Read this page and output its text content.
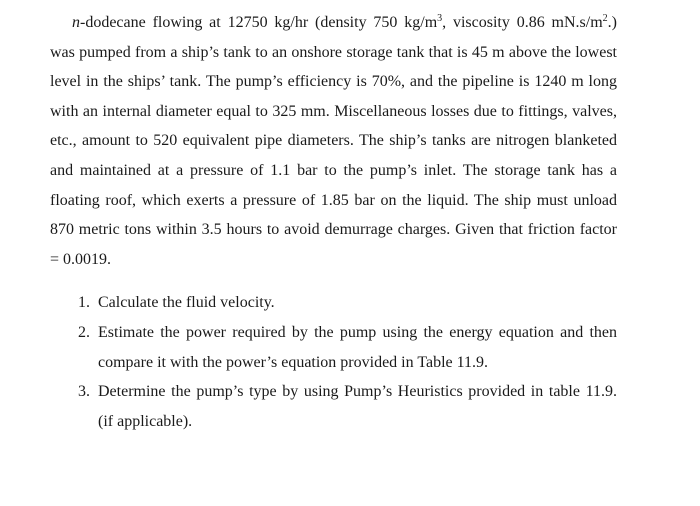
n-dodecane flowing at 12750 kg/hr (density 750 $kg/m^3$, viscosity 0.86 $mN.s/m^2$.) was pumped from a ship’s tank to an onshore storage tank that is 45 m above the lowest level in the ships’ tank. The pump’s efficiency is 70%, and the pipeline is 1240 m long with an internal diameter equal to 325 mm. Miscellaneous losses due to fittings, valves, etc., amount to 520 equivalent pipe diameters. The ship’s tanks are nitrogen blanketed and maintained at a pressure of 1.1 bar to the pump’s inlet. The storage tank has a floating roof, which exerts a pressure of 1.85 bar on the liquid. The ship must unload 870 metric tons within 3.5 hours to avoid demurrage charges. Given that friction factor = 0.0019.

1. Calculate the fluid velocity.
2. Estimate the power required by the pump using the energy equation and then compare it with the power’s equation provided in Table 11.9.
3. Determine the pump’s type by using Pump’s Heuristics provided in table 11.9. (if applicable).
